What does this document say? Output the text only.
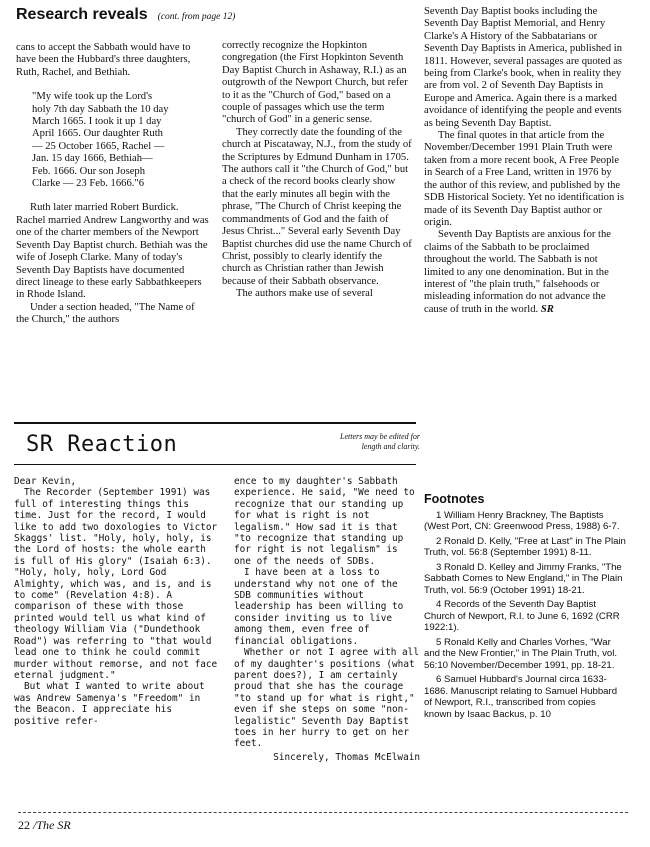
Research reveals (cont. from page 12)

cans to accept the Sabbath would have to have been the Hubbard's three daughters, Ruth, Rachel, and Bethiah.

"My wife took up the Lord's
holy 7th day Sabbath the 10 day
March 1665. I took it up 1 day
April 1665. Our daughter Ruth
— 25 October 1665, Rachel —
Jan. 15 day 1666, Bethiah—
Feb. 1666. Our son Joseph
Clarke — 23 Feb. 1666."6

Ruth later married Robert Burdick. Rachel married Andrew Langworthy and was one of the charter members of the Newport Seventh Day Baptist church. Bethiah was the wife of Joseph Clarke. Many of today's Seventh Day Baptists have documented direct lineage to these early Sabbathkeepers in Rhode Island.

Under a section headed, "The Name of the Church," the authors

correctly recognize the Hopkinton congregation (the First Hopkinton Seventh Day Baptist Church in Ashaway, R.I.) as an outgrowth of the Newport Church, but refer to it as the "Church of God," based on a couple of passages which use the term "church of God" in a generic sense.

They correctly date the founding of the church at Piscataway, N.J., from the study of the Scriptures by Edmund Dunham in 1705. The authors call it "the Church of God," but a check of the record books clearly show that the early minutes all begin with the phrase, "The Church of Christ keeping the commandments of God and the faith of Jesus Christ..." Several early Seventh Day Baptist churches did use the name Church of Christ, possibly to clearly identify the church as Christian rather than Jewish because of their Sabbath observance.

The authors make use of several

Seventh Day Baptist books including the Seventh Day Baptist Memorial, and Henry Clarke's A History of the Sabbatarians or Seventh Day Baptists in America, published in 1811. However, several passages are quoted as being from Clarke's book, when in reality they are from vol. 2 of Seventh Day Baptists in Europe and America. Again there is a marked avoidance of identifying the people and events as being Seventh Day Baptist.

The final quotes in that article from the November/December 1991 Plain Truth were taken from a more recent book, A Free People in Search of a Free Land, written in 1976 by the author of this review, and published by the SDB Historical Society. Yet no identification is made of its Seventh Day Baptist author or origin.

Seventh Day Baptists are anxious for the claims of the Sabbath to be proclaimed throughout the world. The Sabbath is not limited to any one denomination. But in the interest of "the plain truth," falsehoods or misleading information do not advance the cause of truth in the world. SR

SR Reaction	Letters may be edited for length and clarity.

Dear Kevin,

The Recorder (September 1991) was full of interesting things this time. Just for the record, I would like to add two doxologies to Victor Skaggs' list. "Holy, holy, holy, is the Lord of hosts: the whole earth is full of His glory" (Isaiah 6:3). "Holy, holy, holy, Lord God Almighty, which was, and is, and is to come" (Revelation 4:8). A comparison of these with those printed would tell us what kind of theology William Via ("Dundethook Road") was referring to "that would lead one to think he could commit murder without remorse, and not face eternal judgment."

But what I wanted to write about was Andrew Samenya's "Freedom" in the Beacon. I appreciate his positive refer-

ence to my daughter's Sabbath experience. He said, "We need to recognize that our standing up for what is right is not legalism." How sad it is that "to recognize that standing up for right is not legalism" is one of the needs of SDBs.

I have been at a loss to understand why not one of the SDB communities without leadership has been willing to consider inviting us to live among them, even free of financial obligations.

Whether or not I agree with all of my daughter's positions (what parent does?), I am certainly proud that she has the courage "to stand up for what is right," even if she steps on some "non-legalistic" Seventh Day Baptist toes in her hurry to get on her feet.

Sincerely, Thomas McElwain

Footnotes

1 William Henry Brackney, The Baptists (West Port, CN: Greenwood Press, 1988) 6-7.

2 Ronald D. Kelly, "Free at Last" in The Plain Truth, vol. 56:8 (September 1991) 8-11.

3 Ronald D. Kelley and Jimmy Franks, "The Sabbath Comes to New England," in The Plain Truth, vol. 56:9 (October 1991) 18-21.

4 Records of the Seventh Day Baptist Church of Newport, R.I. to June 6, 1692 (CRR 1922:1).

5 Ronald Kelly and Charles Vorhes, "War and the New Frontier," in The Plain Truth, vol. 56:10 November/December 1991, pp. 18-21.

6 Samuel Hubbard's Journal circa 1633-1686. Manuscript relating to Samuel Hubbard of Newport, R.I., transcribed from copies known by Isaac Backus, p. 10

22 /The SR
